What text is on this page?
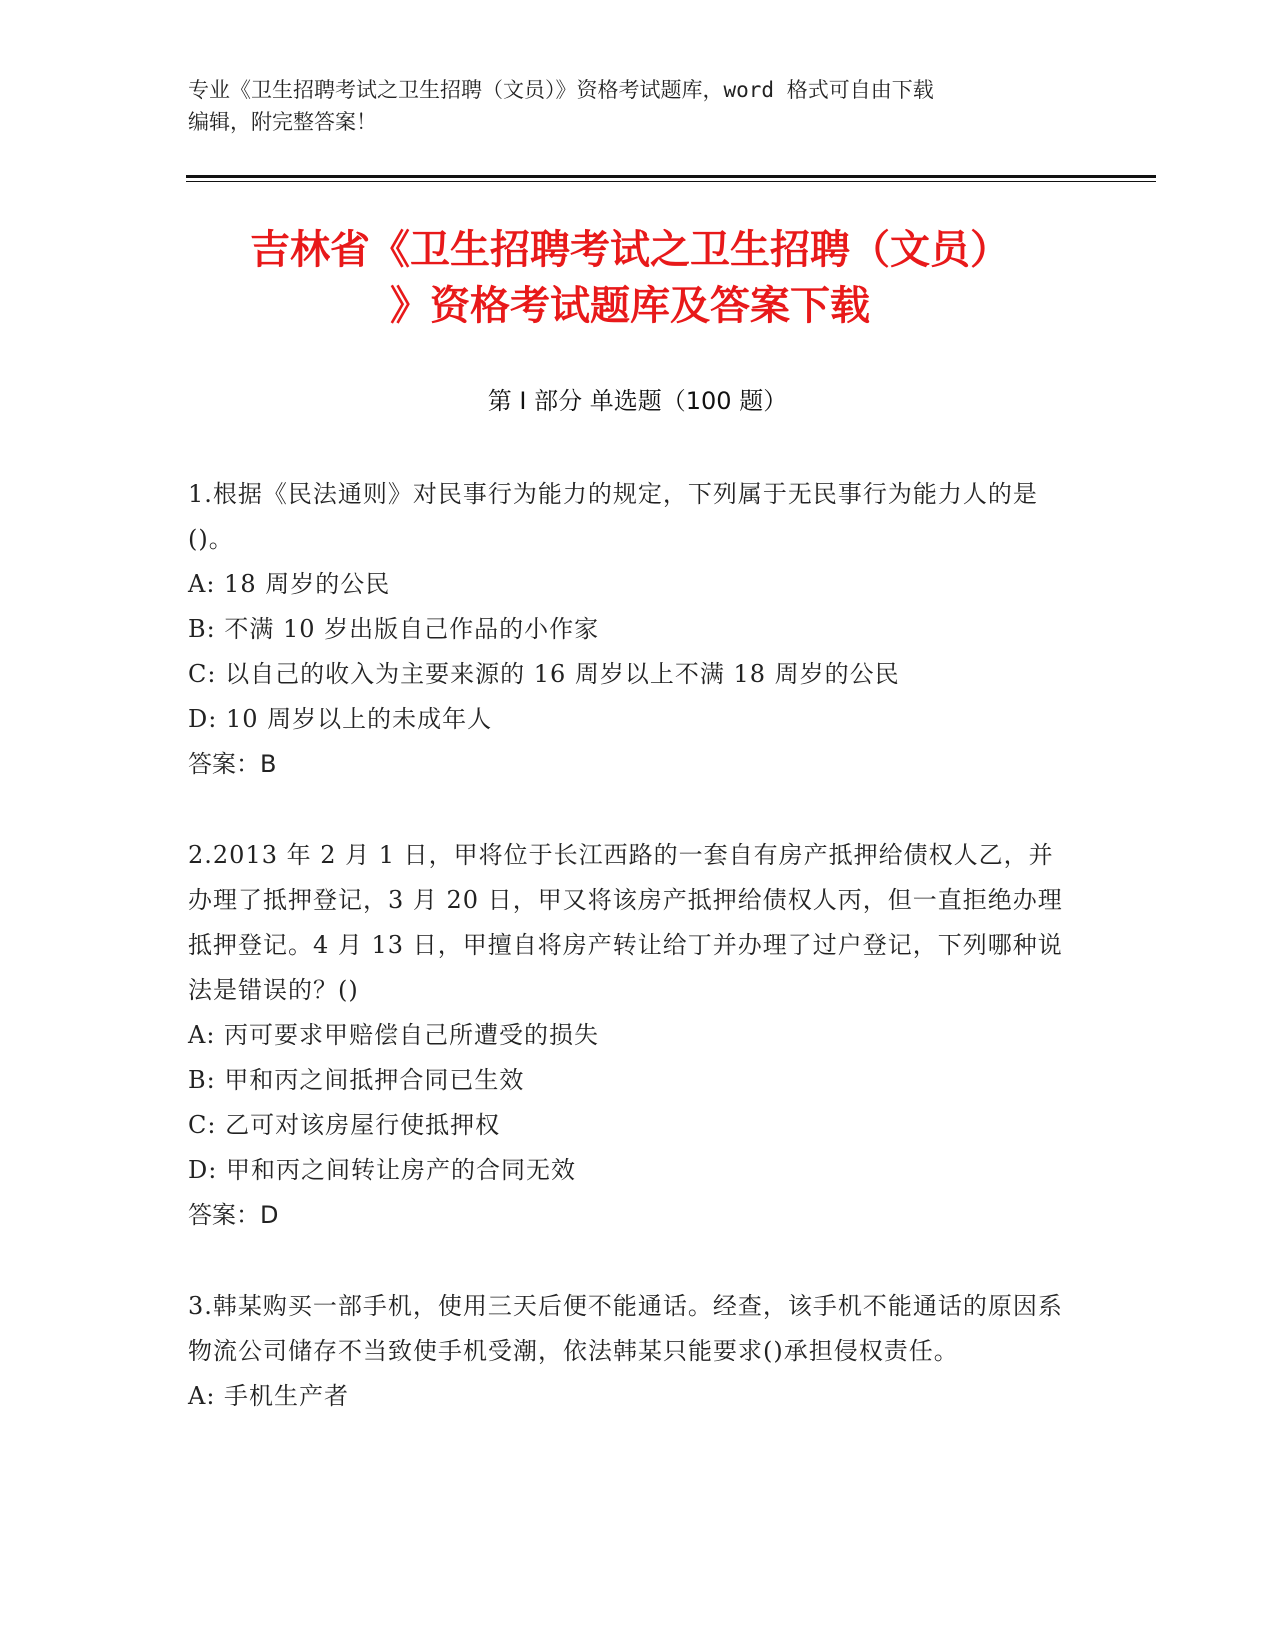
专业《卫生招聘考试之卫生招聘（文员）》资格考试题库，word 格式可自由下载
编辑，附完整答案！
吉林省《卫生招聘考试之卫生招聘（文员）
》资格考试题库及答案下载
第 I 部分 单选题（100 题）

1.根据《民法通则》对民事行为能力的规定，下列属于无民事行为能力人的是()。

A: 18 周岁的公民

B: 不满 10 岁出版自己作品的小作家

C: 以自己的收入为主要来源的 16 周岁以上不满 18 周岁的公民

D: 10 周岁以上的未成年人

答案：B

2.2013 年 2 月 1 日，甲将位于长江西路的一套自有房产抵押给债权人乙，并办理了抵押登记，3 月 20 日，甲又将该房产抵押给债权人丙，但一直拒绝办理抵押登记。4 月 13 日，甲擅自将房产转让给丁并办理了过户登记，下列哪种说法是错误的？()

A: 丙可要求甲赔偿自己所遭受的损失

B: 甲和丙之间抵押合同已生效

C: 乙可对该房屋行使抵押权

D: 甲和丙之间转让房产的合同无效

答案：D

3.韩某购买一部手机，使用三天后便不能通话。经查，该手机不能通话的原因系物流公司储存不当致使手机受潮，依法韩某只能要求()承担侵权责任。

A: 手机生产者
